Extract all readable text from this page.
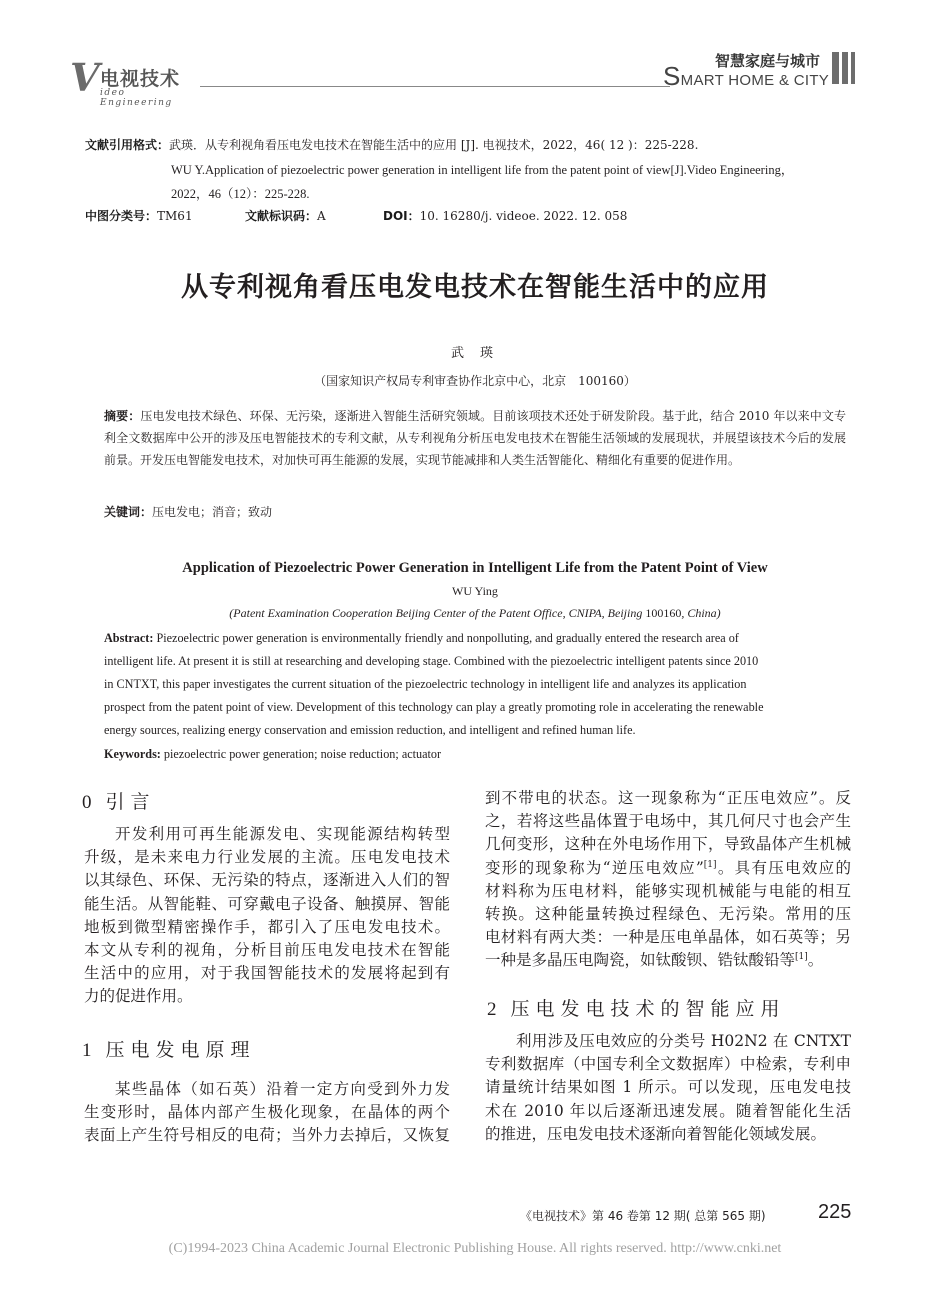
V 电视技术
ideo Engineering
智慧家庭与城市
SMART HOME & CITY
文献引用格式：武瑛．从专利视角看压电发电技术在智能生活中的应用 [J]. 电视技术，2022，46( 12 )：225-228.
WU Y.Application of piezoelectric power generation in intelligent life from the patent point of view[J].Video Engineering，
2022，46（12）：225-228.
中图分类号：TM61	文献标识码：A	DOI：10. 16280/j. videoe. 2022. 12. 058
从专利视角看压电发电技术在智能生活中的应用
武瑛
（国家知识产权局专利审查协作北京中心，北京　100160）
摘要：压电发电技术绿色、环保、无污染，逐渐进入智能生活研究领域。目前该项技术还处于研发阶段。基于此，结合 2010 年以来中文专利全文数据库中公开的涉及压电智能技术的专利文献，从专利视角分析压电发电技术在智能生活领域的发展现状，并展望该技术今后的发展前景。开发压电智能发电技术，对加快可再生能源的发展，实现节能减排和人类生活智能化、精细化有重要的促进作用。
关键词：压电发电；消音；致动
Application of Piezoelectric Power Generation in Intelligent Life from the Patent Point of View
WU Ying
(Patent Examination Cooperation Beijing Center of the Patent Office, CNIPA, Beijing 100160, China)
Abstract: Piezoelectric power generation is environmentally friendly and nonpolluting, and gradually entered the research area of
intelligent life. At present it is still at researching and developing stage. Combined with the piezoelectric intelligent patents since 2010
in CNTXT, this paper investigates the current situation of the piezoelectric technology in intelligent life and analyzes its application
prospect from the patent point of view. Development of this technology can play a greatly promoting role in accelerating the renewable
energy sources, realizing energy conservation and emission reduction, and intelligent and refined human life.
Keywords: piezoelectric power generation; noise reduction; actuator
0 引言
开发利用可再生能源发电、实现能源结构转型
升级，是未来电力行业发展的主流。压电发电技术
以其绿色、环保、无污染的特点，逐渐进入人们的智
能生活。从智能鞋、可穿戴电子设备、触摸屏、智能
地板到微型精密操作手，都引入了压电发电技术。
本文从专利的视角，分析目前压电发电技术在智能
生活中的应用，对于我国智能技术的发展将起到有
力的促进作用。
1 压电发电原理
某些晶体（如石英）沿着一定方向受到外力发
生变形时，晶体内部产生极化现象，在晶体的两个
表面上产生符号相反的电荷；当外力去掉后，又恢复
到不带电的状态。这一现象称为“正压电效应”。反
之，若将这些晶体置于电场中，其几何尺寸也会产生
几何变形，这种在外电场作用下，导致晶体产生机械
变形的现象称为“逆压电效应”[1]。具有压电效应的
材料称为压电材料，能够实现机械能与电能的相互
转换。这种能量转换过程绿色、无污染。常用的压
电材料有两大类：一种是压电单晶体，如石英等；另
一种是多晶压电陶瓷，如钛酸钡、锆钛酸铅等[1]。
2 压电发电技术的智能应用
利用涉及压电效应的分类号 H02N2 在 CNTXT
专利数据库（中国专利全文数据库）中检索，专利申
请量统计结果如图 1 所示。可以发现，压电发电技
术在 2010 年以后逐渐迅速发展。随着智能化生活
的推进，压电发电技术逐渐向着智能化领域发展。
《电视技术》第 46 卷第 12 期( 总第 565 期)	225
(C)1994-2023 China Academic Journal Electronic Publishing House. All rights reserved. http://www.cnki.net
